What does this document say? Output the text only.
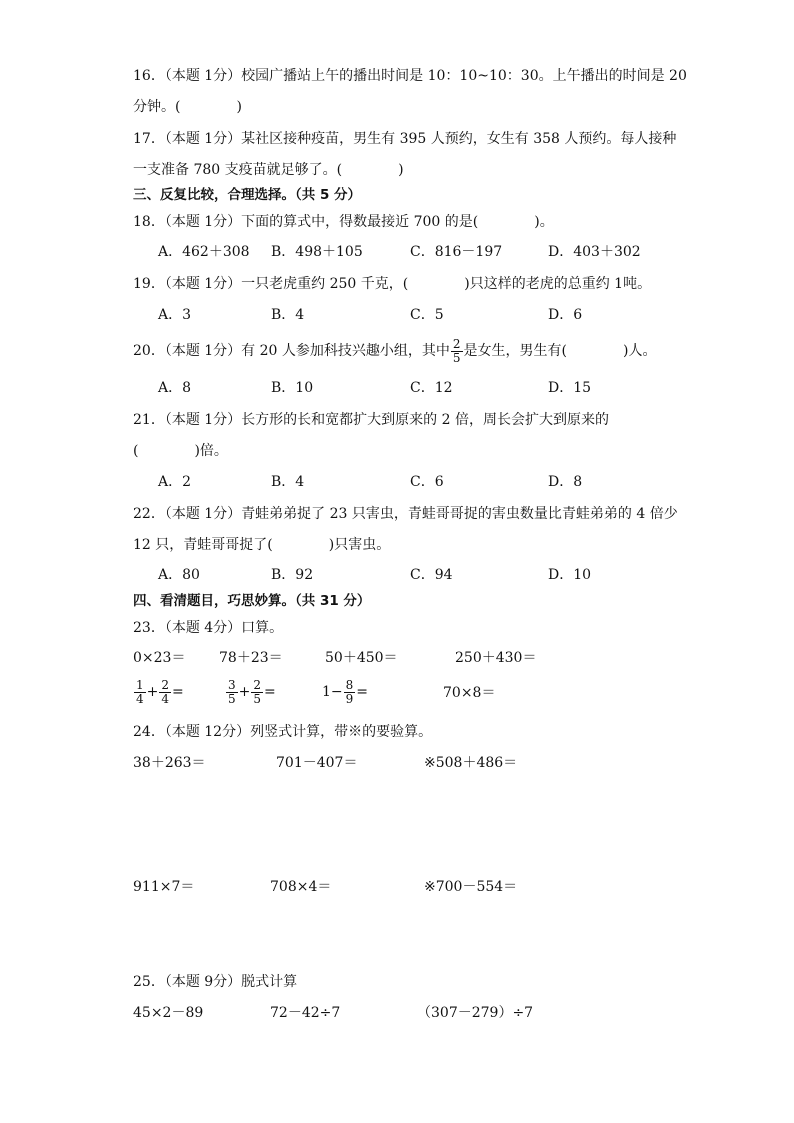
16．（本题 1分）校园广播站上午的播出时间是 10：10~10：30。上午播出的时间是 20
分钟。(　　　　)
17．（本题 1分）某社区接种疫苗，男生有 395 人预约，女生有 358 人预约。每人接种
一支准备 780 支疫苗就足够了。(　　　　)
三、反复比较，合理选择。（共 5 分）
18．（本题 1分）下面的算式中，得数最接近 700 的是(　　　　)。
A．462＋308 B．498＋105	C．816－197	D．403＋302
19．（本题 1分）一只老虎重约 250 千克，(　　　　)只这样的老虎的总重约 1吨。
A．3	B．4	C．5	D．6
20．（本题 1分）有 20 人参加科技兴趣小组，其中 $\frac{2}{5}$ 是女生，男生有(　　　　)人。
A．8	B．10	C．12	D．15
21．（本题 1分）长方形的长和宽都扩大到原来的 2 倍，周长会扩大到原来的
(　　　　)倍。
A．2	B．4	C．6	D．8
22．（本题 1分）青蛙弟弟捉了 23 只害虫，青蛙哥哥捉的害虫数量比青蛙弟弟的 4 倍少
12 只，青蛙哥哥捉了(　　　　)只害虫。
A．80	B．92	C．94	D．10
四、看清题目，巧思妙算。（共 31 分）
23．（本题 4分）口算。
0×23＝ 78＋23＝	50＋450＝	250＋430＝
$\frac{1}{4} + \frac{2}{4}$ =	$\frac{3}{5} + \frac{2}{5}$ =	$1- \frac{8}{9}$ =	70×8＝
24．（本题 12分）列竖式计算，带※的要验算。
38＋263＝	701－407＝	※508＋486＝
911×7＝	708×4＝	※700－554＝
25．（本题 9分）脱式计算
45×2－89	72－42÷7	（307－279）÷7
